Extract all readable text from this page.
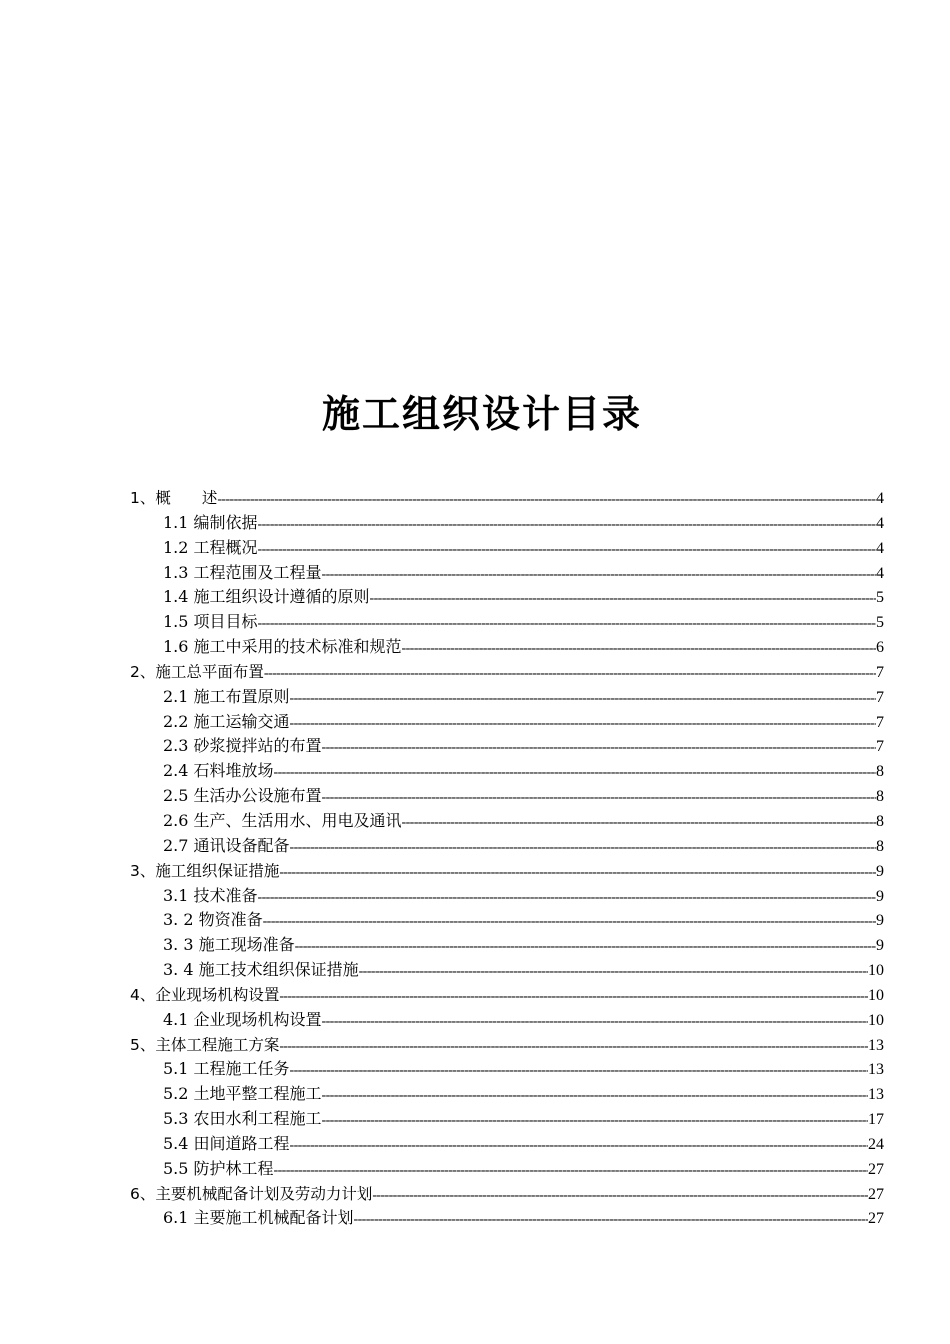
施工组织设计目录
1、概　　述 -----	4
1.1 编制依据 -----	4
1.2 工程概况 -----	4
1.3 工程范围及工程量 -----	4
1.4 施工组织设计遵循的原则 -----	5
1.5 项目目标 -----	5
1.6 施工中采用的技术标准和规范 -----	6
2、施工总平面布置 -----	7
2.1 施工布置原则 -----	7
2.2 施工运输交通 -----	7
2.3 砂浆搅拌站的布置 -----	7
2.4 石料堆放场 -----	8
2.5 生活办公设施布置 -----	8
2.6 生产、生活用水、用电及通讯 -----	8
2.7 通讯设备配备 -----	8
3、施工组织保证措施 -----	9
3.1 技术准备 -----	9
3. 2 物资准备 -----	9
3. 3 施工现场准备 -----	9
3. 4 施工技术组织保证措施 -----	10
4、企业现场机构设置 -----	10
4.1 企业现场机构设置 -----	10
5、主体工程施工方案 -----	13
5.1 工程施工任务 -----	13
5.2 土地平整工程施工 -----	13
5.3 农田水利工程施工 -----	17
5.4 田间道路工程 -----	24
5.5 防护林工程 -----	27
6、主要机械配备计划及劳动力计划 -----	27
6.1 主要施工机械配备计划 -----	27
